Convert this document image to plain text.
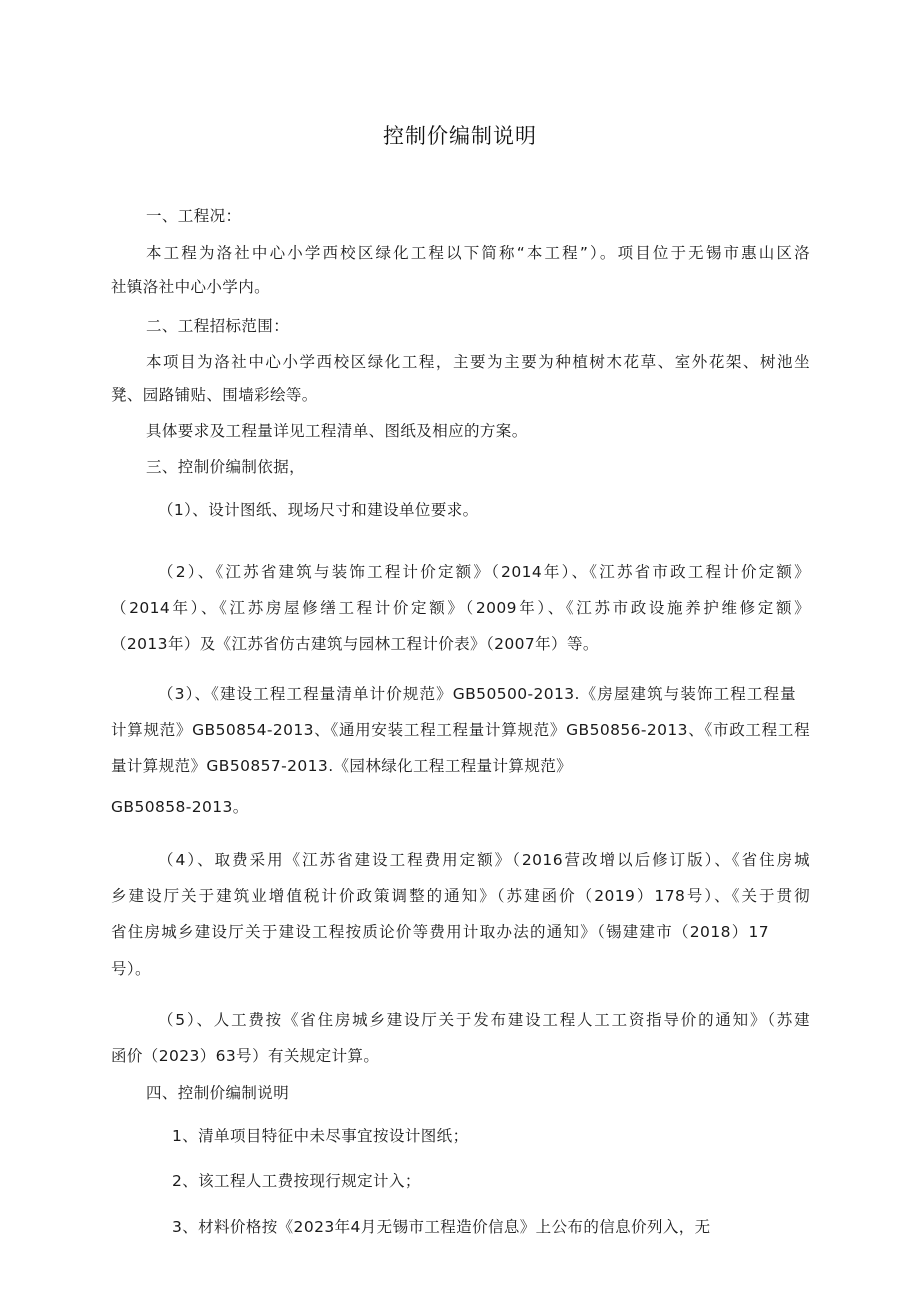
控制价编制说明
一、工程况：
本工程为洛社中心小学西校区绿化工程以下简称“本工程”）。项目位于无锡市惠山区洛
社镇洛社中心小学内。
二、工程招标范围：
本项目为洛社中心小学西校区绿化工程，主要为主要为种植树木花草、室外花架、树池坐
凳、园路铺贴、围墙彩绘等。
具体要求及工程量详见工程清单、图纸及相应的方案。
三、控制价编制依据，
（1）、设计图纸、现场尺寸和建设单位要求。
（2）、《江苏省建筑与装饰工程计价定额》（2014年）、《江苏省市政工程计价定额》
（2014年）、《江苏房屋修缮工程计价定额》（2009年）、《江苏市政设施养护维修定额》
（2013年）及《江苏省仿古建筑与园林工程计价表》（2007年）等。
（3）、《建设工程工程量清单计价规范》GB50500-2013.《房屋建筑与装饰工程工程量
计算规范》GB50854-2013、《通用安装工程工程量计算规范》GB50856-2013、《市政工程工程
量计算规范》GB50857-2013.《园林绿化工程工程量计算规范》
GB50858-2013。
（4）、取费采用《江苏省建设工程费用定额》（2016营改增以后修订版）、《省住房城
乡建设厅关于建筑业增值税计价政策调整的通知》（苏建函价（2019）178号）、《关于贯彻
省住房城乡建设厅关于建设工程按质论价等费用计取办法的通知》（锡建建市（2018）17
号）。
（5）、人工费按《省住房城乡建设厅关于发布建设工程人工工资指导价的通知》（苏建
函价（2023）63号）有关规定计算。
四、控制价编制说明
1、清单项目特征中未尽事宜按设计图纸；
2、该工程人工费按现行规定计入；
3、材料价格按《2023年4月无锡市工程造价信息》上公布的信息价列入，无
